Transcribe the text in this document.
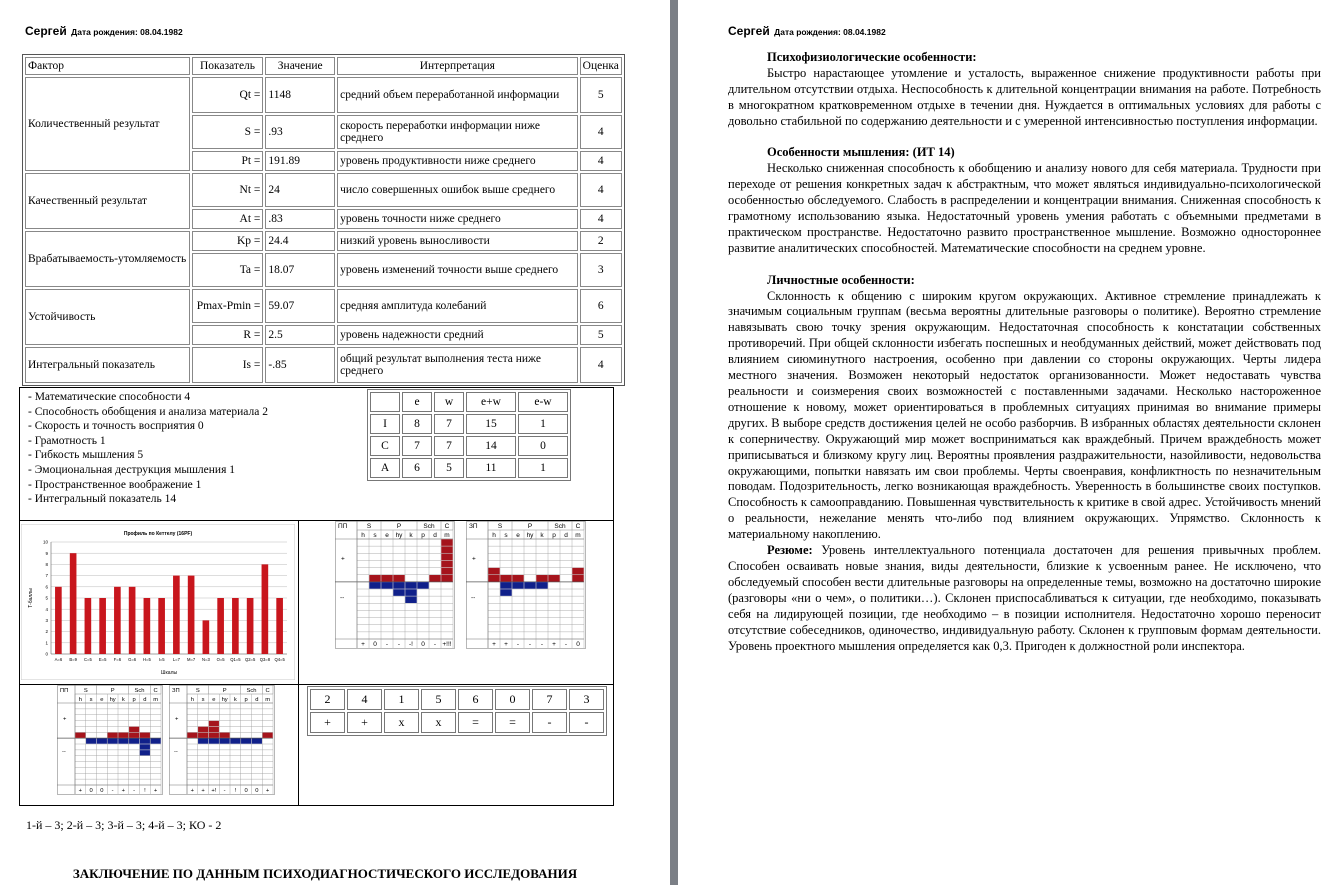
Сергей Дата рождения: 08.04.1982
Фактор	Показатель	Значение	Интерпретация	Оценка
Количественный результат	Qt =	1148	средний объем переработанной информации	5
	S =	.93	скорость переработки информации ниже среднего	4
	Pt =	191.89	уровень продуктивности ниже среднего	4
Качественный результат	Nt =	24	число совершенных ошибок выше среднего	4
	At =	.83	уровень точности ниже среднего	4
Врабатываемость-утомляемость	Kp =	24.4	низкий уровень выносливости	2
	Ta =	18.07	уровень изменений точности выше среднего	3
Устойчивость	Pmax-Pmin =	59.07	средняя амплитуда колебаний	6
	R =	2.5	уровень надежности средний	5
Интегральный показатель	Is =	-.85	общий результат выполнения теста ниже среднего	4
- Математические способности 4
- Способность обобщения и анализа материала 2
- Скорость и точность восприятия 0
- Грамотность 1
- Гибкость мышления 5
- Эмоциональная деструкция мышления 1
- Пространственное воображение 1
- Интегральный показатель 14
	e	w	e+w	e-w
I	8	7	15	1
C	7	7	14	0
A	6	5	11	1
Профиль по Кеттелу (16PF)
T-баллы
Шкалы
0
1
2
3
4
5
6
7
8
9
10
A=6 B=9 C=5 E=5 F=6 G=6 H=5 I=5 L=7 M=7 N=3 O=5 Q1=5 Q2=5 Q3=8 Q4=5
ПП
+
--
S	P	Sch C
h s e hy k p d m
+ 0 - - -! 0 - +!!!
ЗП
+
--
S	P	Sch C
h s e hy k p d m
+ + - - - + - 0
ПП
+
--
S	P	Sch C
h s e hy k p d m
+ 0 0 - + - ! +
ЗП
+
--
S	P	Sch C
h s e hy k p d m
+ + +! - ! 0 0 +
2	4	1	5	6	0	7	3
+	+	x	x	=	=	-	-
1-й – 3; 2-й – 3; 3-й – 3; 4-й – 3; КО - 2
ЗАКЛЮЧЕНИЕ ПО ДАННЫМ ПСИХОДИАГНОСТИЧЕСКОГО ИССЛЕДОВАНИЯ
Сергей Дата рождения: 08.04.1982
Психофизиологические особенности:

Быстро нарастающее утомление и усталость, выраженное снижение продуктивности работы при длительном отсутствии отдыха. Неспособность к длительной концентрации внимания на работе. Потребность в многократном кратковременном отдыхе в течении дня. Нуждается в оптимальных условиях для работы с довольно стабильной по содержанию деятельности и с умеренной интенсивностью поступления информации.

Особенности мышления: (ИТ 14)

Несколько сниженная способность к обобщению и анализу нового для себя материала. Трудности при переходе от решения конкретных задач к абстрактным, что может являться индивидуально-психологической особенностью обследуемого. Слабость в распределении и концентрации внимания. Сниженная способность к грамотному использованию языка. Недостаточный уровень умения работать с объемными предметами в практическом пространстве. Недостаточно развито пространственное мышление. Возможно одностороннее развитие аналитических способностей. Математические способности на среднем уровне.

Личностные особенности:

Склонность к общению с широким кругом окружающих. Активное стремление принадлежать к значимым социальным группам (весьма вероятны длительные разговоры о политике). Вероятно стремление навязывать свою точку зрения окружающим. Недостаточная способность к констатации собственных противоречий. При общей склонности избегать поспешных и необдуманных действий, может действовать под влиянием сиюминутного настроения, особенно при давлении со стороны окружающих. Черты лидера местного значения. Возможен некоторый недостаток организованности. Может недоставать чувства реальности и соизмерения своих возможностей с поставленными задачами. Несколько настороженное отношение к новому, может ориентироваться в проблемных ситуациях принимая во внимание примеры других. В выборе средств достижения целей не особо разборчив. В избранных областях деятельности склонен к соперничеству. Окружающий мир может восприниматься как враждебный. Причем враждебность может приписываться и близкому кругу лиц. Вероятны проявления раздражительности, назойливости, недовольства окружающими, попытки навязать им свои проблемы. Черты своенравия, конфликтность по незначительным поводам. Подозрительность, легко возникающая враждебность. Уверенность в большинстве своих поступков. Способность к самооправданию. Повышенная чувствительность к критике в свой адрес. Устойчивость мнений о реальности, нежелание менять что-либо под влиянием окружающих. Упрямство. Склонность к материальному накоплению.

Резюме: Уровень интеллектуального потенциала достаточен для решения привычных проблем. Способен осваивать новые знания, виды деятельности, близкие к усвоенным ранее. Не исключено, что обследуемый способен вести длительные разговоры на определенные темы, возможно на достаточно широкие (разговоры «ни о чем», о политики…). Склонен приспосабливаться к ситуации, где необходимо, показывать себя на лидирующей позиции, где необходимо – в позиции исполнителя. Недостаточно хорошо переносит отсутствие собеседников, одиночество, индивидуальную работу. Склонен к групповым формам деятельности. Уровень проектного мышления определяется как 0,3. Пригоден к должностной роли инспектора.
